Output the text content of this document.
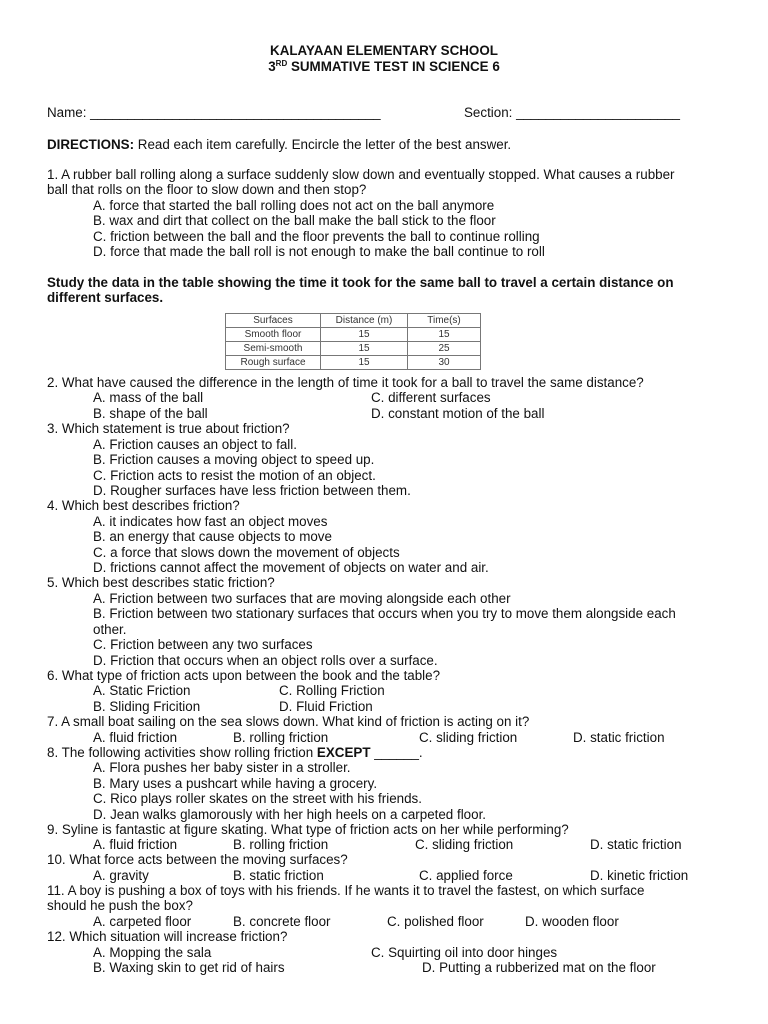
KALAYAAN ELEMENTARY SCHOOL
3RD SUMMATIVE TEST IN SCIENCE 6
Name: _______________________________________	Section: ______________________
DIRECTIONS: Read each item carefully. Encircle the letter of the best answer.
1. A rubber ball rolling along a surface suddenly slow down and eventually stopped. What causes a rubber
ball that rolls on the floor to slow down and then stop?
A. force that started the ball rolling does not act on the ball anymore
B. wax and dirt that collect on the ball make the ball stick to the floor
C. friction between the ball and the floor prevents the ball to continue rolling
D. force that made the ball roll is not enough to make the ball continue to roll
Study the data in the table showing the time it took for the same ball to travel a certain distance on
different surfaces.
Surfaces	Distance (m)	Time(s)
Smooth floor	15	15
Semi-smooth	15	25
Rough surface	15	30
2. What have caused the difference in the length of time it took for a ball to travel the same distance?
A. mass of the ball	C. different surfaces
B. shape of the ball	D. constant motion of the ball
3. Which statement is true about friction?
A. Friction causes an object to fall.
B. Friction causes a moving object to speed up.
C. Friction acts to resist the motion of an object.
D. Rougher surfaces have less friction between them.
4. Which best describes friction?
A. it indicates how fast an object moves
B. an energy that cause objects to move
C. a force that slows down the movement of objects
D. frictions cannot affect the movement of objects on water and air.
5. Which best describes static friction?
A. Friction between two surfaces that are moving alongside each other
B. Friction between two stationary surfaces that occurs when you try to move them alongside each
other.
C. Friction between any two surfaces
D. Friction that occurs when an object rolls over a surface.
6. What type of friction acts upon between the book and the table?
A. Static Friction	C. Rolling Friction
B. Sliding Fricition	D. Fluid Friction
7. A small boat sailing on the sea slows down. What kind of friction is acting on it?
A. fluid friction	B. rolling friction	C. sliding friction	D. static friction
8. The following activities show rolling friction EXCEPT ______.
A. Flora pushes her baby sister in a stroller.
B. Mary uses a pushcart while having a grocery.
C. Rico plays roller skates on the street with his friends.
D. Jean walks glamorously with her high heels on a carpeted floor.
9. Syline is fantastic at figure skating. What type of friction acts on her while performing?
A. fluid friction	B. rolling friction	C. sliding friction	D. static friction
10. What force acts between the moving surfaces?
A. gravity	B. static friction	C. applied force	D. kinetic friction
11. A boy is pushing a box of toys with his friends. If he wants it to travel the fastest, on which surface
should he push the box?
A. carpeted floor	B. concrete floor	C. polished floor	D. wooden floor
12. Which situation will increase friction?
A. Mopping the sala	C. Squirting oil into door hinges
B. Waxing skin to get rid of hairs	D. Putting a rubberized mat on the floor
